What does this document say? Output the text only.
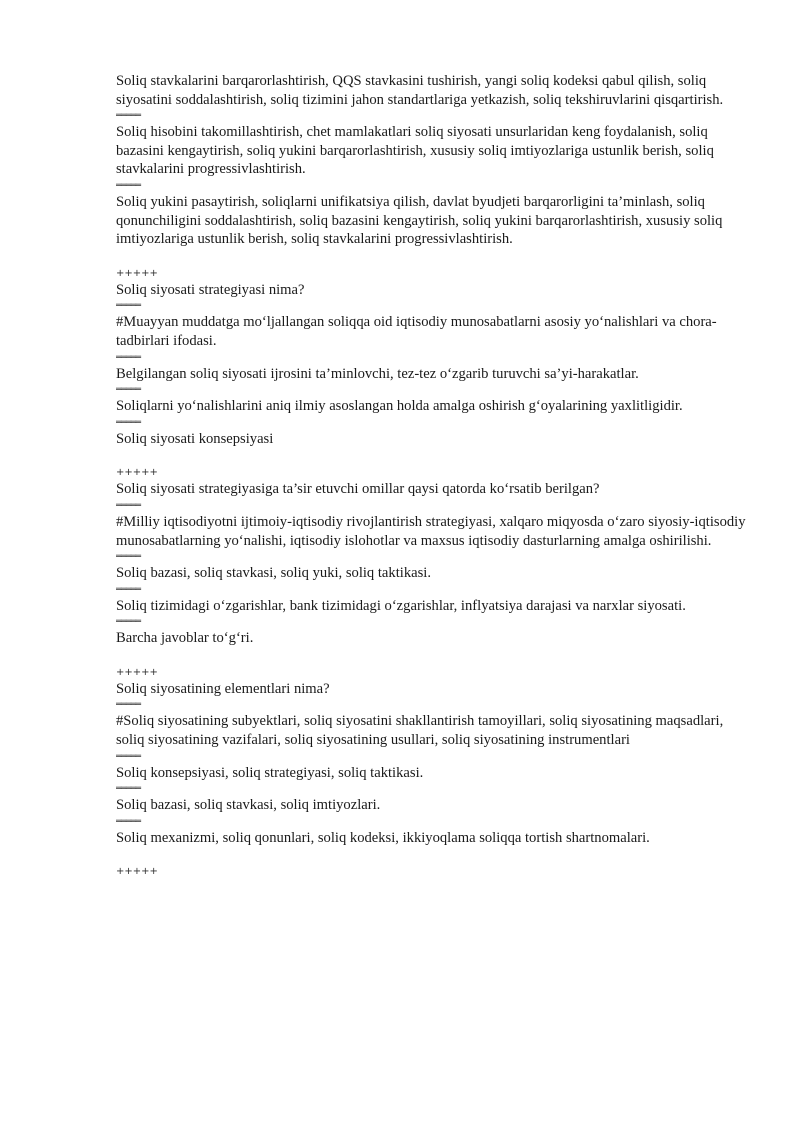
Soliq stavkalarini barqarorlashtirish, QQS stavkasini tushirish, yangi soliq kodeksi qabul qilish, soliq siyosatini soddalashtirish, soliq tizimini jahon standartlariga yetkazish, soliq tekshiruvlarini qisqartirish.

═════

Soliq hisobini takomillashtirish, chet mamlakatlari soliq siyosati unsurlaridan keng foydalanish, soliq bazasini kengaytirish, soliq yukini barqarorlashtirish, xususiy soliq imtiyozlariga ustunlik berish, soliq stavkalarini progressivlashtirish.

═════

Soliq yukini pasaytirish, soliqlarni unifikatsiya qilish, davlat byudjeti barqarorligini ta’minlash, soliq qonunchiligini soddalashtirish, soliq bazasini kengaytirish, soliq yukini barqarorlashtirish, xususiy soliq imtiyozlariga ustunlik berish, soliq stavkalarini progressivlashtirish.

+++++

Soliq siyosati strategiyasi nima?

═════

#Muayyan muddatga mo‘ljallangan soliqqa oid iqtisodiy munosabatlarni asosiy yo‘nalishlari va chora-tadbirlari ifodasi.

═════

Belgilangan soliq siyosati ijrosini ta’minlovchi, tez-tez o‘zgarib turuvchi sa’yi-harakatlar.

═════

Soliqlarni yo‘nalishlarini aniq ilmiy asoslangan holda amalga oshirish g‘oyalarining yaxlitligidir.

═════

Soliq siyosati konsepsiyasi

+++++

Soliq siyosati strategiyasiga ta’sir etuvchi omillar qaysi qatorda ko‘rsatib berilgan?

═════

#Milliy iqtisodiyotni ijtimoiy-iqtisodiy rivojlantirish strategiyasi, xalqaro miqyosda o‘zaro siyosiy-iqtisodiy munosabatlarning yo‘nalishi, iqtisodiy islohotlar va maxsus iqtisodiy dasturlarning amalga oshirilishi.

═════

Soliq bazasi, soliq stavkasi, soliq yuki, soliq taktikasi.

═════

Soliq tizimidagi o‘zgarishlar, bank tizimidagi o‘zgarishlar, inflyatsiya darajasi va narxlar siyosati.

═════

Barcha javoblar to‘g‘ri.

+++++

Soliq siyosatining elementlari nima?

═════

#Soliq siyosatining subyektlari, soliq siyosatini shakllantirish tamoyillari, soliq siyosatining maqsadlari, soliq siyosatining vazifalari, soliq siyosatining usullari, soliq siyosatining instrumentlari

═════

Soliq konsepsiyasi, soliq strategiyasi, soliq taktikasi.

═════

Soliq bazasi, soliq stavkasi, soliq imtiyozlari.

═════

Soliq mexanizmi, soliq qonunlari, soliq kodeksi, ikkiyoqlama soliqqa tortish shartnomalari.

+++++
